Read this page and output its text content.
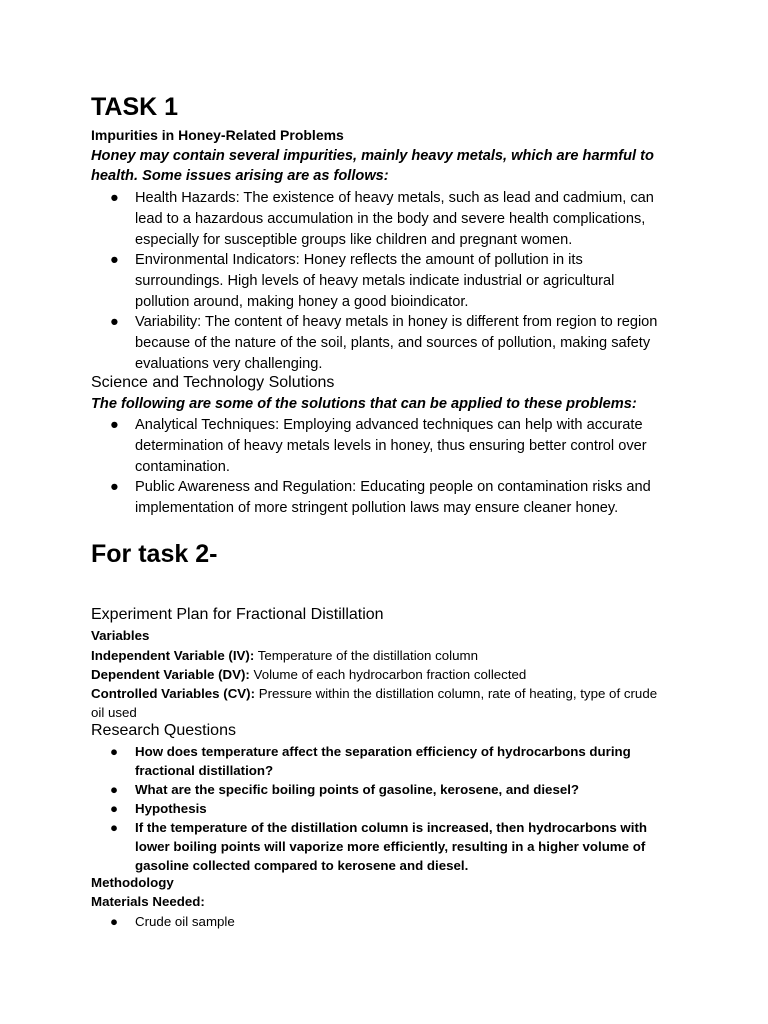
TASK 1
Impurities in Honey-Related Problems
Honey may contain several impurities, mainly heavy metals, which are harmful to
health. Some issues arising are as follows:
● Health Hazards: The existence of heavy metals, such as lead and cadmium, can
lead to a hazardous accumulation in the body and severe health complications,
especially for susceptible groups like children and pregnant women.
● Environmental Indicators: Honey reflects the amount of pollution in its
surroundings. High levels of heavy metals indicate industrial or agricultural
pollution around, making honey a good bioindicator.
● Variability: The content of heavy metals in honey is different from region to region
because of the nature of the soil, plants, and sources of pollution, making safety
evaluations very challenging.
Science and Technology Solutions
The following are some of the solutions that can be applied to these problems:
● Analytical Techniques: Employing advanced techniques can help with accurate
determination of heavy metals levels in honey, thus ensuring better control over
contamination.
● Public Awareness and Regulation: Educating people on contamination risks and
implementation of more stringent pollution laws may ensure cleaner honey.
For task 2-
Experiment Plan for Fractional Distillation
Variables
Independent Variable (IV): Temperature of the distillation column
Dependent Variable (DV): Volume of each hydrocarbon fraction collected
Controlled Variables (CV): Pressure within the distillation column, rate of heating, type of crude
oil used
Research Questions
● How does temperature affect the separation efficiency of hydrocarbons during
fractional distillation?
● What are the specific boiling points of gasoline, kerosene, and diesel?
● Hypothesis
● If the temperature of the distillation column is increased, then hydrocarbons with
lower boiling points will vaporize more efficiently, resulting in a higher volume of
gasoline collected compared to kerosene and diesel.
Methodology
Materials Needed:
● Crude oil sample
